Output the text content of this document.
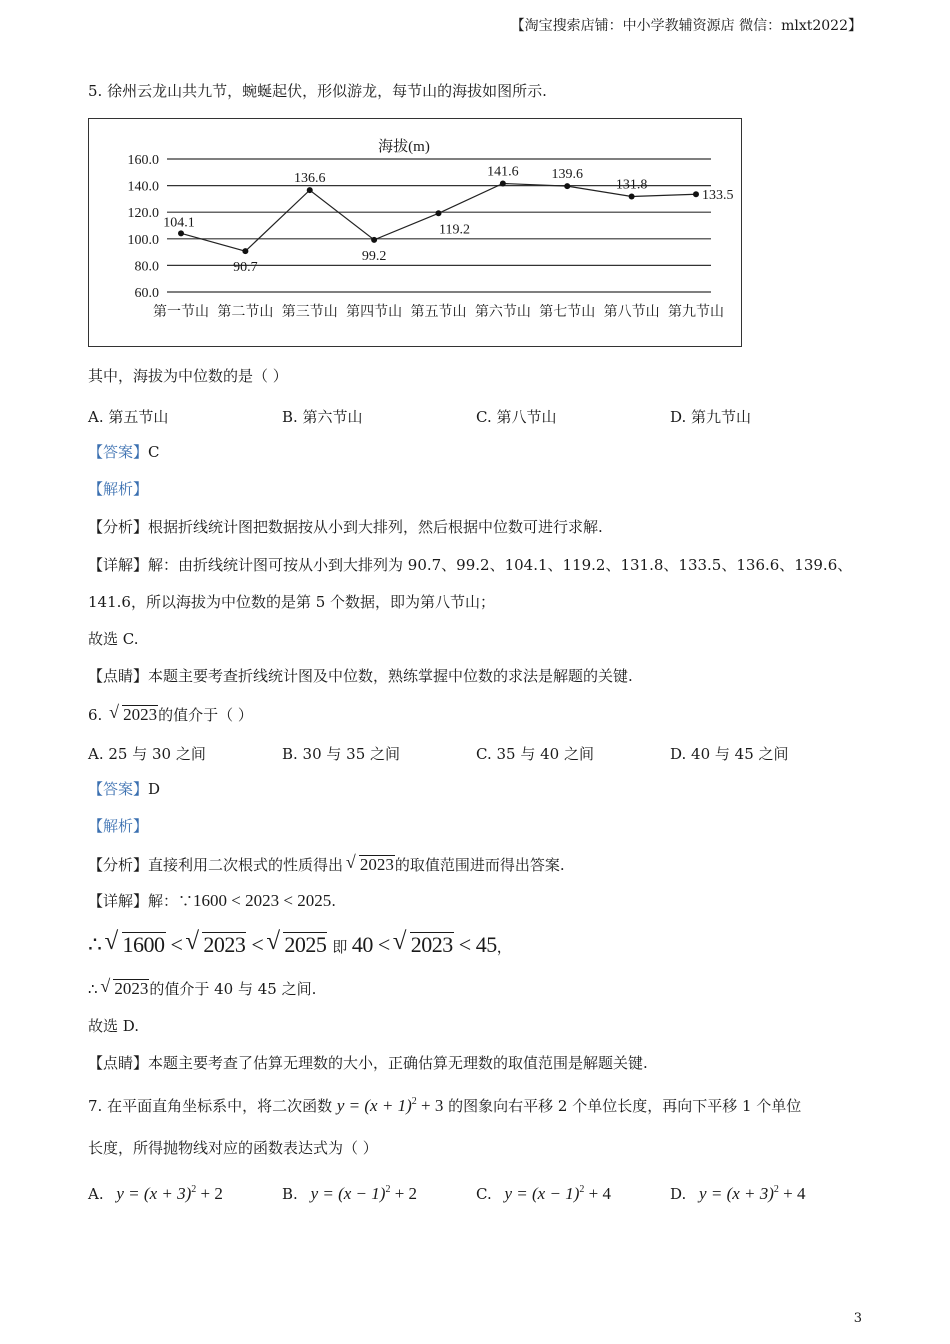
【淘宝搜索店铺：中小学教辅资源店 微信：mlxt2022】
5. 徐州云龙山共九节，蜿蜒起伏，形似游龙，每节山的海拔如图所示.
海拔(m)
60.0
80.0
100.0
120.0
140.0
160.0
104.1
90.7
136.6
99.2
119.2
141.6 139.6
131.8
133.5
第一节山 第二节山 第三节山 第四节山 第五节山 第六节山 第七节山 第八节山 第九节山
其中，海拔为中位数的是（ ）
A. 第五节山	B. 第六节山	C. 第八节山	D. 第九节山
【答案】C
【解析】
【分析】根据折线统计图把数据按从小到大排列，然后根据中位数可进行求解.
【详解】解：由折线统计图可按从小到大排列为 90.7、99.2、104.1、119.2、131.8、133.5、136.6、139.6、
141.6，所以海拔为中位数的是第 5 个数据，即为第八节山；
故选 C.
【点睛】本题主要考查折线统计图及中位数，熟练掌握中位数的求法是解题的关键.
6. √ 2023的值介于（ ）
A. 25 与 30 之间	B. 30 与 35 之间	C. 35 与 40 之间	D. 40 与 45 之间
【答案】D
【解析】
【分析】直接利用二次根式的性质得出 √ 2023的取值范围进而得出答案.
【详解】解：∵1600 < 2023 < 2025.
∴ √ 1600 < √ 2023 < √ 2025 即 40 < √ 2023 < 45，
∴ √ 2023的值介于 40 与 45 之间.
故选 D.
【点睛】本题主要考查了估算无理数的大小，正确估算无理数的取值范围是解题关键.
7. 在平面直角坐标系中，将二次函数 $y = (x + 1)^2 + 3$ 的图象向右平移 2 个单位长度，再向下平移 1 个单位
长度，所得抛物线对应的函数表达式为（ ）
A. $y = (x + 3)^2 + 2$	B. $y = (x - 1)^2 + 2$	C. $y = (x - 1)^2 + 4$	D. $y = (x + 3)^2 + 4$
3
